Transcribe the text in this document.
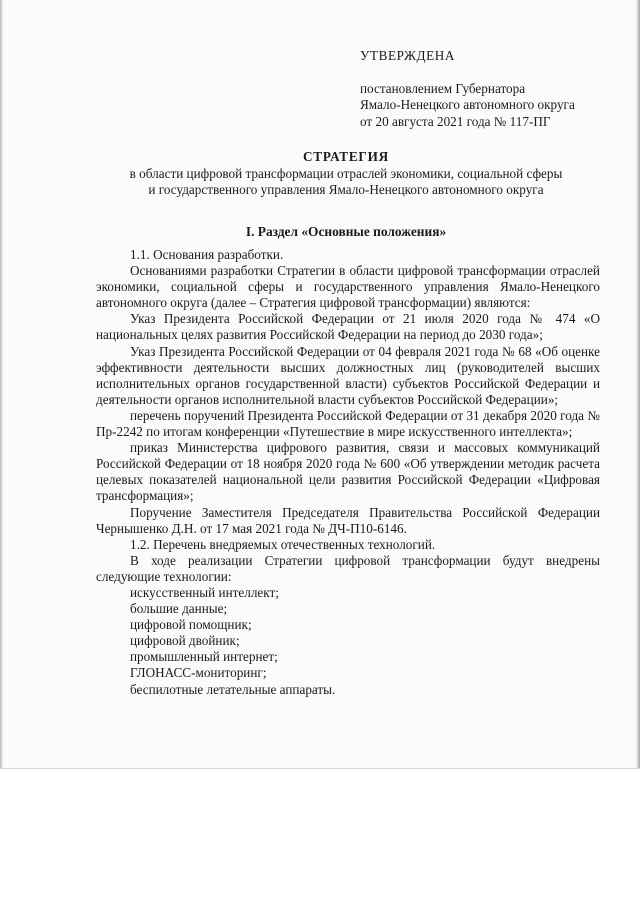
УТВЕРЖДЕНА
постановлением Губернатора
Ямало-Ненецкого автономного округа
от 20 августа 2021 года № 117-ПГ
СТРАТЕГИЯ
в области цифровой трансформации отраслей экономики, социальной сферы
и государственного управления Ямало-Ненецкого автономного округа
I. Раздел «Основные положения»

1.1. Основания разработки.

Основаниями разработки Стратегии в области цифровой трансформации отраслей экономики, социальной сферы и государственного управления Ямало-Ненецкого автономного округа (далее – Стратегия цифровой трансформации) являются:

Указ Президента Российской Федерации от 21 июля 2020 года № 474 «О национальных целях развития Российской Федерации на период до 2030 года»;

Указ Президента Российской Федерации от 04 февраля 2021 года № 68 «Об оценке эффективности деятельности высших должностных лиц (руководителей высших исполнительных органов государственной власти) субъектов Российской Федерации и деятельности органов исполнительной власти субъектов Российской Федерации»;

перечень поручений Президента Российской Федерации от 31 декабря 2020 года № Пр-2242 по итогам конференции «Путешествие в мире искусственного интеллекта»;

приказ Министерства цифрового развития, связи и массовых коммуникаций Российской Федерации от 18 ноября 2020 года № 600 «Об утверждении методик расчета целевых показателей национальной цели развития Российской Федерации «Цифровая трансформация»;

Поручение Заместителя Председателя Правительства Российской Федерации Чернышенко Д.Н. от 17 мая 2021 года № ДЧ-П10-6146.

1.2. Перечень внедряемых отечественных технологий.

В ходе реализации Стратегии цифровой трансформации будут внедрены следующие технологии:

искусственный интеллект;

большие данные;

цифровой помощник;

цифровой двойник;

промышленный интернет;

ГЛОНАСС-мониторинг;

беспилотные летательные аппараты.
